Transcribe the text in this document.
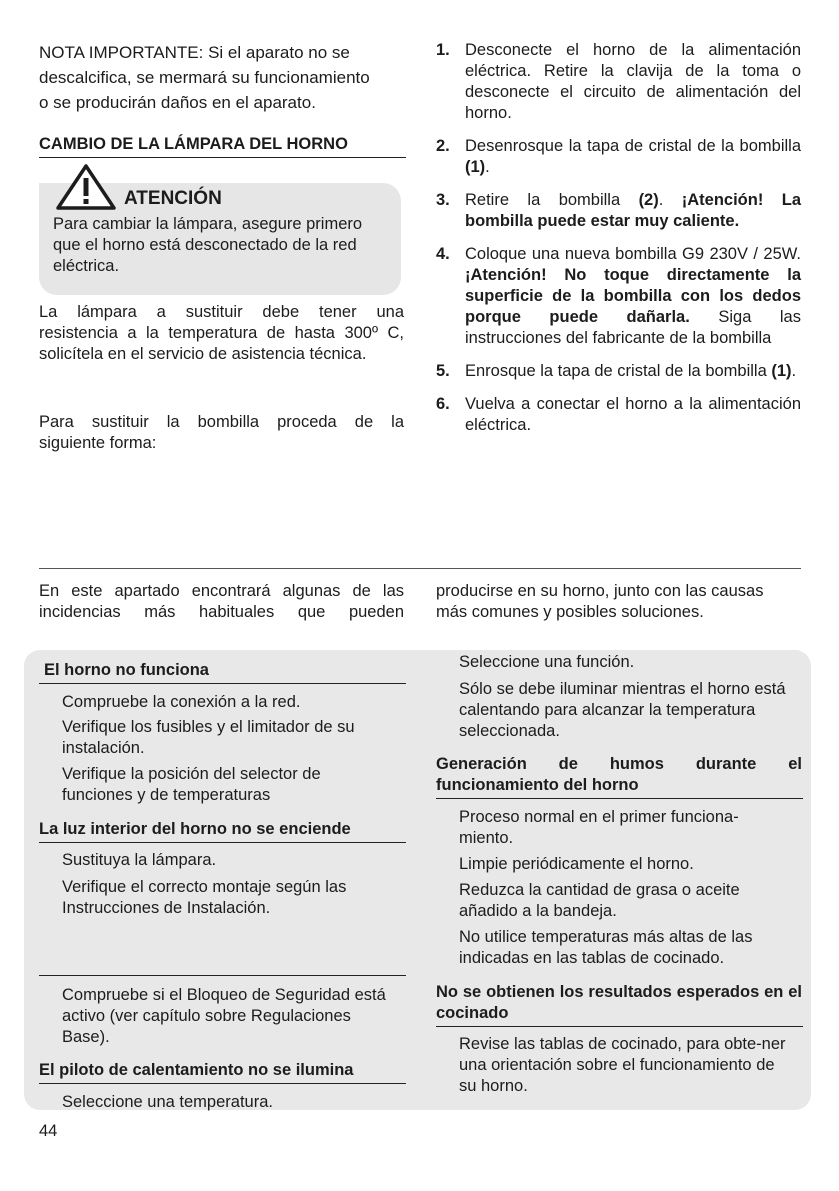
NOTA IMPORTANTE: Si el aparato no se
descalcifica, se mermará su funcionamiento
o se producirán daños en el aparato.
CAMBIO DE LA LÁMPARA DEL HORNO
ATENCIÓN
Para cambiar la lámpara, asegure primero
que el horno está desconectado de la red
eléctrica.
La lámpara a sustituir debe tener una
resistencia a la temperatura de hasta 300º C,
solicítela en el servicio de asistencia técnica.
Para sustituir la bombilla proceda de la
siguiente forma:
1. Desconecte el horno de la alimentación eléctrica. Retire la clavija de la toma o desconecte el circuito de alimentación del horno.
2. Desenrosque la tapa de cristal de la bombilla (1).
3. Retire la bombilla (2). ¡Atención! La bombilla puede estar muy caliente.
4. Coloque una nueva bombilla G9 230V / 25W. ¡Atención! No toque directamente la superficie de la bombilla con los dedos porque puede dañarla. Siga las instrucciones del fabricante de la bombilla
5. Enrosque la tapa de cristal de la bombilla (1).
6. Vuelva a conectar el horno a la alimentación eléctrica.
En este apartado encontrará algunas de las
incidencias más habituales que pueden
producirse en su horno, junto con las causas
más comunes y posibles soluciones.
El horno no funciona
Compruebe la conexión a la red.
Verifique los fusibles y el limitador de su instalación.
Verifique la posición del selector de funciones y de temperaturas
La luz interior del horno no se enciende
Sustituya la lámpara.
Verifique el correcto montaje según las Instrucciones de Instalación.
Compruebe si el Bloqueo de Seguridad está activo (ver capítulo sobre Regulaciones Base).
El piloto de calentamiento no se ilumina
Seleccione una temperatura.
Seleccione una función.
Sólo se debe iluminar mientras el horno está calentando para alcanzar la temperatura seleccionada.
Generación de humos durante el funcionamiento del horno
Proceso normal en el primer funciona-miento.
Limpie periódicamente el horno.
Reduzca la cantidad de grasa o aceite añadido a la bandeja.
No utilice temperaturas más altas de las indicadas en las tablas de cocinado.
No se obtienen los resultados esperados en el cocinado
Revise las tablas de cocinado, para obte-ner una orientación sobre el funcionamiento de su horno.
44
